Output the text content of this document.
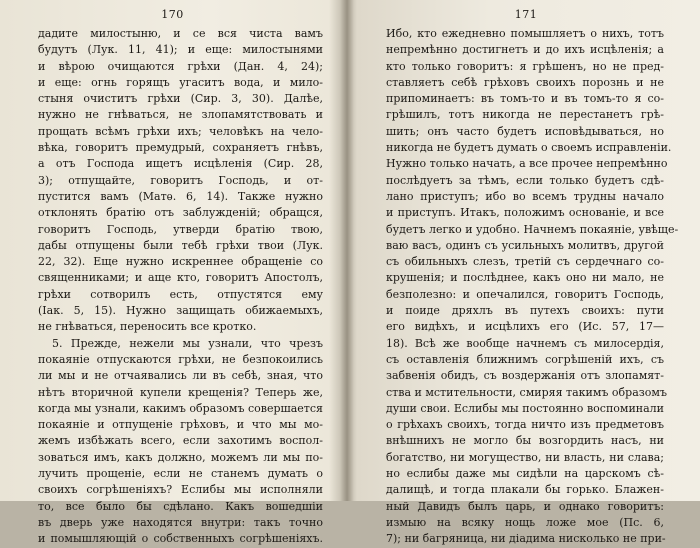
170
дадите милостыню, и се вся чиста вамъ
будутъ (Лук. 11, 41); и еще: милостынями
и вѣрою очищаются грѣхи (Дан. 4, 24);
и еще: огнь горящъ угаситъ вода, и мило-
стыня очиститъ грѣхи (Сир. 3, 30). Далѣе,
нужно не гнѣваться, не злопамятствовать и
прощать всѣмъ грѣхи ихъ; человѣкъ на чело-
вѣка, говоритъ премудрый, сохраняетъ гнѣвъ,
а отъ Господа ищетъ исцѣленія (Сир. 28,
3); отпущайте, говоритъ Господь, и от-
пустится вамъ (Матѳ. 6, 14). Также нужно
отклонять братію отъ заблужденій; обращся,
говоритъ Господь, утверди братію твою,
дабы отпущены были тебѣ грѣхи твои (Лук.
22, 32). Еще нужно искреннее обращеніе со
священниками; и аще кто, говоритъ Апостолъ,
грѣхи сотворилъ есть, отпустятся ему
(Іак. 5, 15). Нужно защищать обижаемыхъ,
не гнѣваться, переносить все кротко.
5. Прежде, нежели мы узнали, что чрезъ
покаяніе отпускаются грѣхи, не безпокоились
ли мы и не отчаявались ли въ себѣ, зная, что
нѣтъ вторичной купели крещенія? Теперь же,
когда мы узнали, какимъ образомъ совершается
покаяніе и отпущеніе грѣховъ, и что мы мо-
жемъ избѣжать всего, если захотимъ воспол-
зоваться имъ, какъ должно, можемъ ли мы по-
лучить прощеніе, если не станемъ думать о
своихъ согрѣшеніяхъ? Еслибы мы исполняли
то, все было бы сдѣлано. Какъ вошедшіи
въ дверь уже находятся внутри: такъ точно
и помышляющій о собственныхъ согрѣшеніяхъ.
171
Ибо, кто ежедневно помышляетъ о нихъ, тотъ
непремѣнно достигнетъ и до ихъ исцѣленія; а
кто только говоритъ: я грѣшенъ, но не пред-
ставляетъ себѣ грѣховъ своихъ порознь и не
припоминаетъ: въ томъ-то и въ томъ-то я со-
грѣшилъ, тотъ никогда не перестанетъ грѣ-
шить; онъ часто будетъ исповѣдываться, но
никогда не будетъ думать о своемъ исправленіи.
Нужно только начать, а все прочее непремѣнно
послѣдуетъ за тѣмъ, если только будетъ сдѣ-
лано приступъ; ибо во всемъ трудны начало
и приступъ. Итакъ, положимъ основаніе, и все
будетъ легко и удобно. Начнемъ покаяніе, увѣще-
ваю васъ, одинъ съ усильныхъ молитвъ, другой
съ обильныхъ слезъ, третій съ сердечнаго со-
крушенія; и послѣднее, какъ оно ни мало, не
безполезно: и опечалился, говоритъ Господь,
и поиде дряхлъ въ путехъ своихъ: пути
его видѣхъ, и исцѣлихъ его (Ис. 57, 17—
18). Всѣ же вообще начнемъ съ милосердія,
съ оставленія ближнимъ согрѣшеній ихъ, съ
забвенія обидъ, съ воздержанія отъ злопамят-
ства и мстительности, смиряя такимъ образомъ
души свои. Еслибы мы постоянно воспоминали
о грѣхахъ своихъ, тогда ничто изъ предметовъ
внѣшнихъ не могло бы возгордить насъ, ни
богатство, ни могущество, ни власть, ни слава;
но еслибы даже мы сидѣли на царскомъ сѣ-
далищѣ, и тогда плакали бы горько. Блажен-
ный Давидъ былъ царь, и однако говоритъ:
измыю на всяку нощь ложе мое (Пс. 6,
7); ни багряница, ни діадима нисколько не при-
